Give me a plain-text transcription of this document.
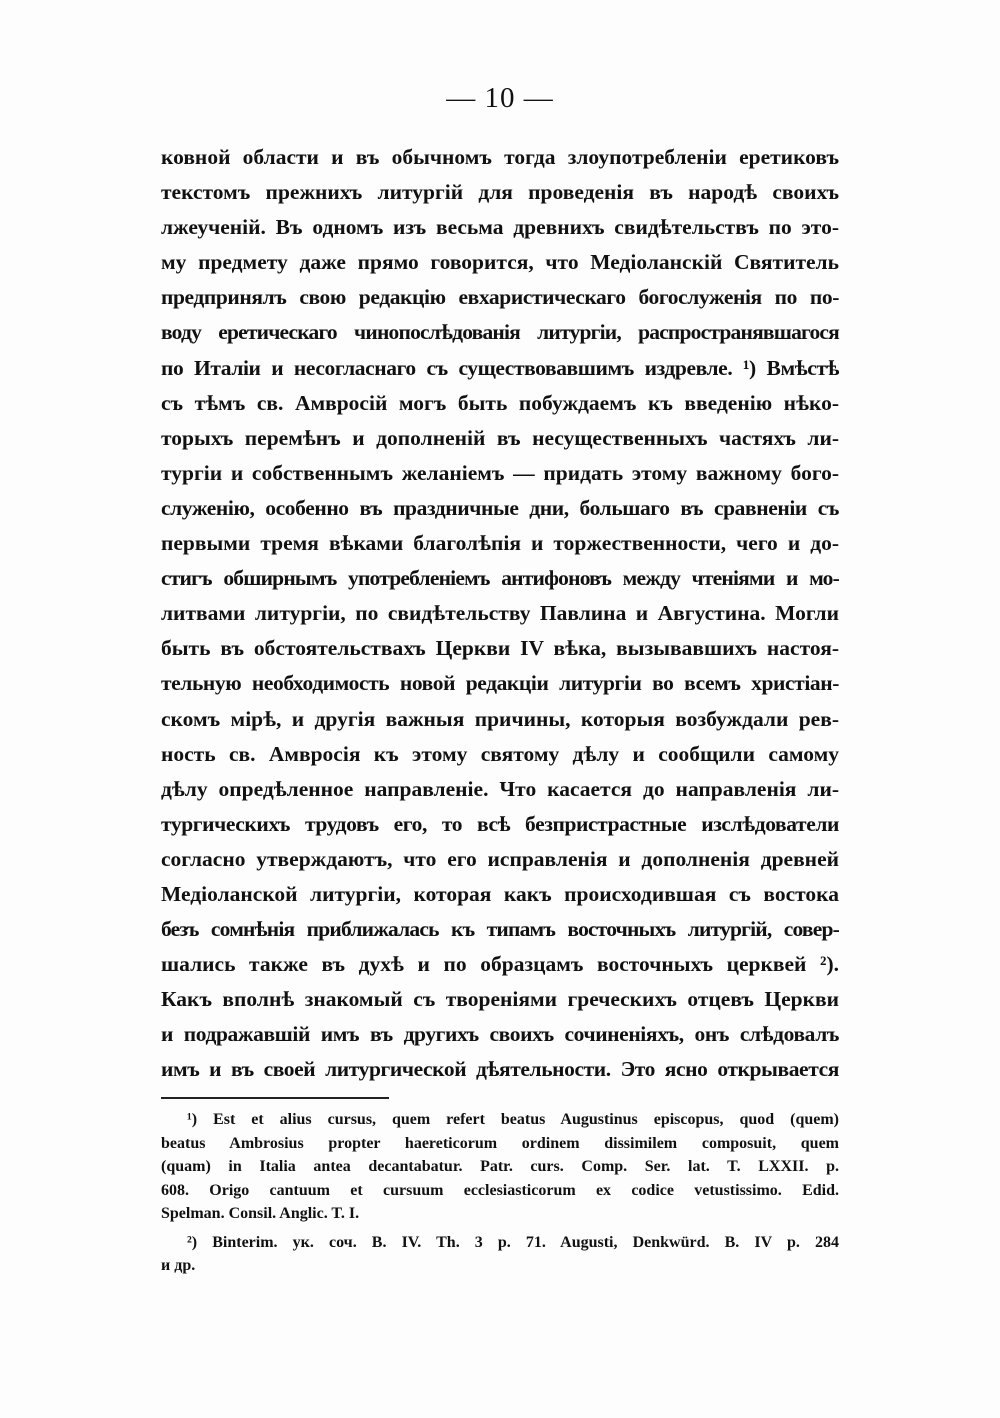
— 10 —
ковной области и въ обычномъ тогда злоупотребленіи еретиковъ
текстомъ прежнихъ литургій для проведенія въ народѣ своихъ
лжеученій. Въ одномъ изъ весьма древнихъ свидѣтельствъ по это-
му предмету даже прямо говорится, что Медіоланскій Святитель
предпринялъ свою редакцію евхаристическаго богослуженія по по-
воду еретическаго чинопослѣдованія литургіи, распространявшагося
по Италіи и несогласнаго съ существовавшимъ издревле. ¹) Вмѣстѣ
съ тѣмъ св. Амвросій могъ быть побуждаемъ къ введенію нѣко-
торыхъ перемѣнъ и дополненій въ несущественныхъ частяхъ ли-
тургіи и собственнымъ желаніемъ — придать этому важному бого-
служенію, особенно въ праздничные дни, большаго въ сравненіи съ
первыми тремя вѣками благолѣпія и торжественности, чего и до-
стигъ обширнымъ употребленіемъ антифоновъ между чтеніями и мо-
литвами литургіи, по свидѣтельству Павлина и Августина. Могли
быть въ обстоятельствахъ Церкви IV вѣка, вызывавшихъ настоя-
тельную необходимость новой редакціи литургіи во всемъ христіан-
скомъ мірѣ, и другія важныя причины, которыя возбуждали рев-
ность св. Амвросія къ этому святому дѣлу и сообщили самому
дѣлу опредѣленное направленіе. Что касается до направленія ли-
тургическихъ трудовъ его, то всѣ безпристрастные изслѣдователи
согласно утверждаютъ, что его исправленія и дополненія древней
Медіоланской литургіи, которая какъ происходившая съ востока
безъ сомнѣнія приближалась къ типамъ восточныхъ литургій, совер-
шались также въ духѣ и по образцамъ восточныхъ церквей ²).
Какъ вполнѣ знакомый съ твореніями греческихъ отцевъ Церкви
и подражавшій имъ въ другихъ своихъ сочиненіяхъ, онъ слѣдовалъ
имъ и въ своей литургической дѣятельности. Это ясно открывается
¹) Est et alius cursus, quem refert beatus Augustinus episcopus, quod (quem)
beatus Ambrosius propter haereticorum ordinem dissimilem composuit, quem
(quam) in Italia antea decantabatur. Patr. curs. Comp. Ser. lat. T. LXXII. p.
608. Origo cantuum et cursuum ecclesiasticorum ex codice vetustissimo. Edid.
Spelman. Consil. Anglic. T. I.
²) Binterim. ук. соч. B. IV. Th. 3 p. 71. Augusti, Denkwürd. B. IV p. 284
и др.
